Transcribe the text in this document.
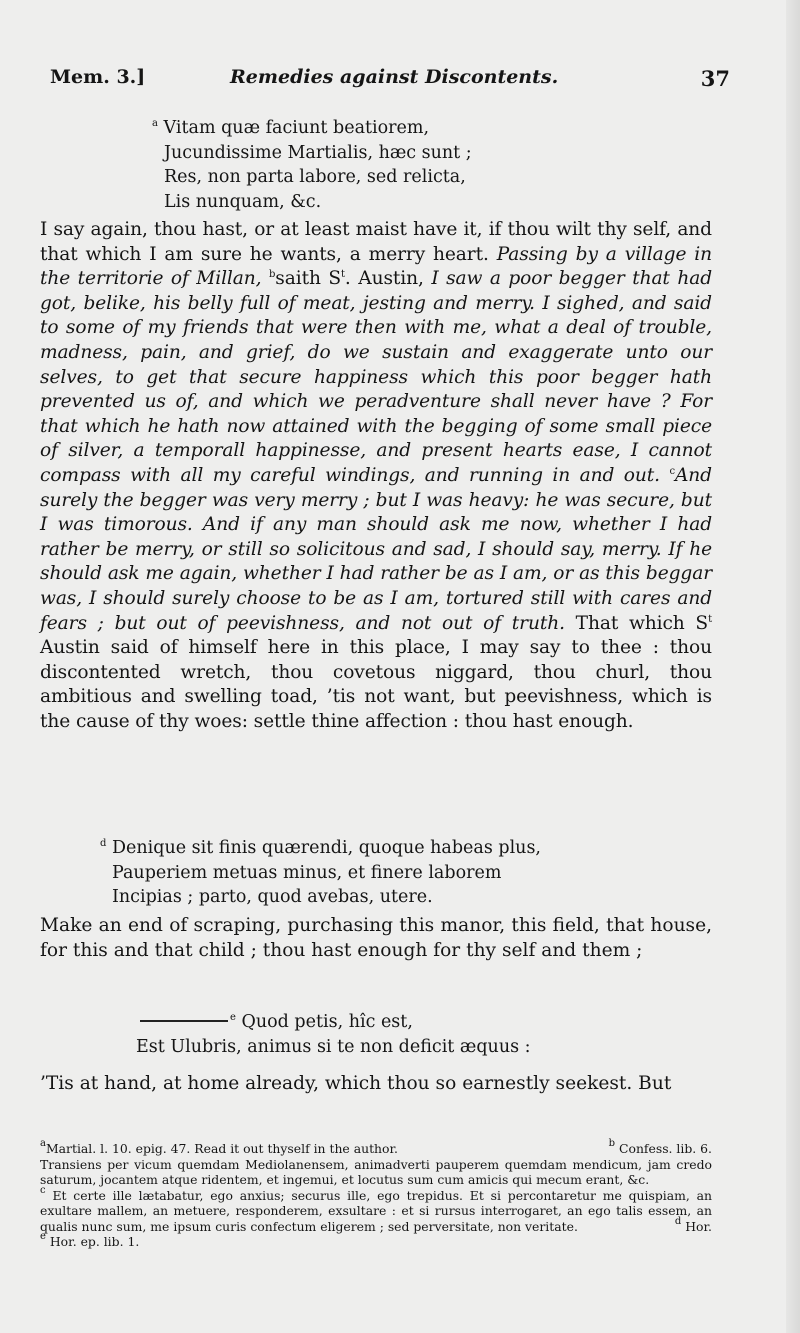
Mem. 3.]	Remedies against Discontents.	37
$^a$ Vitam quæ faciunt beatiorem,
Jucundissime Martialis, hæc sunt ;
Res, non parta labore, sed relicta,
Lis nunquam, &c.
I say again, thou hast, or at least maist have it, if thou wilt thy self, and that which I am sure he wants, a merry heart. Passing by a village in the territorie of Millan, $^b$saith $S^t$. Austin, I saw a poor begger that had got, belike, his belly full of meat, jesting and merry. I sighed, and said to some of my friends that were then with me, what a deal of trouble, madness, pain, and grief, do we sustain and exaggerate unto our selves, to get that secure happiness which this poor begger hath prevented us of, and which we peradventure shall never have ? For that which he hath now attained with the begging of some small piece of silver, a temporall happinesse, and present hearts ease, I cannot compass with all my careful windings, and running in and out. $^c$And surely the begger was very merry ; but I was heavy: he was secure, but I was timorous. And if any man should ask me now, whether I had rather be merry, or still so solicitous and sad, I should say, merry. If he should ask me again, whether I had rather be as I am, or as this beggar was, I should surely choose to be as I am, tortured still with cares and fears ; but out of peevishness, and not out of truth. That which $S^t$ Austin said of himself here in this place, I may say to thee : thou discontented wretch, thou covetous niggard, thou churl, thou ambitious and swelling toad, ’tis not want, but peevishness, which is the cause of thy woes: settle thine affection : thou hast enough.
$^d$ Denique sit finis quærendi, quoque habeas plus,
Pauperiem metuas minus, et finere laborem
Incipias ; parto, quod avebas, utere.
Make an end of scraping, purchasing this manor, this field, that house, for this and that child ; thou hast enough for thy self and them ;
$^e$ Quod petis, hîc est,
Est Ulubris, animus si te non deficit æquus :
’Tis at hand, at home already, which thou so earnestly seekest. But
$^a$Martial. l. 10. epig. 47. Read it out thyself in the author.	$^b$ Confess. lib. 6.
Transiens per vicum quemdam Mediolanensem, animadverti pauperem quemdam mendicum, jam credo saturum, jocantem atque ridentem, et ingemui, et locutus sum cum amicis qui mecum erant, &c.
$^c$ Et certe ille lætabatur, ego anxius; securus ille, ego trepidus. Et si percontaretur me quispiam, an exultare mallem, an metuere, responderem, exsultare : et si rursus interrogaret, an ego talis essem, an qualis nunc sum, me ipsum curis confectum eligerem ; sed perversitate, non veritate.	$^d$ Hor.
$^e$ Hor. ep. lib. 1.
